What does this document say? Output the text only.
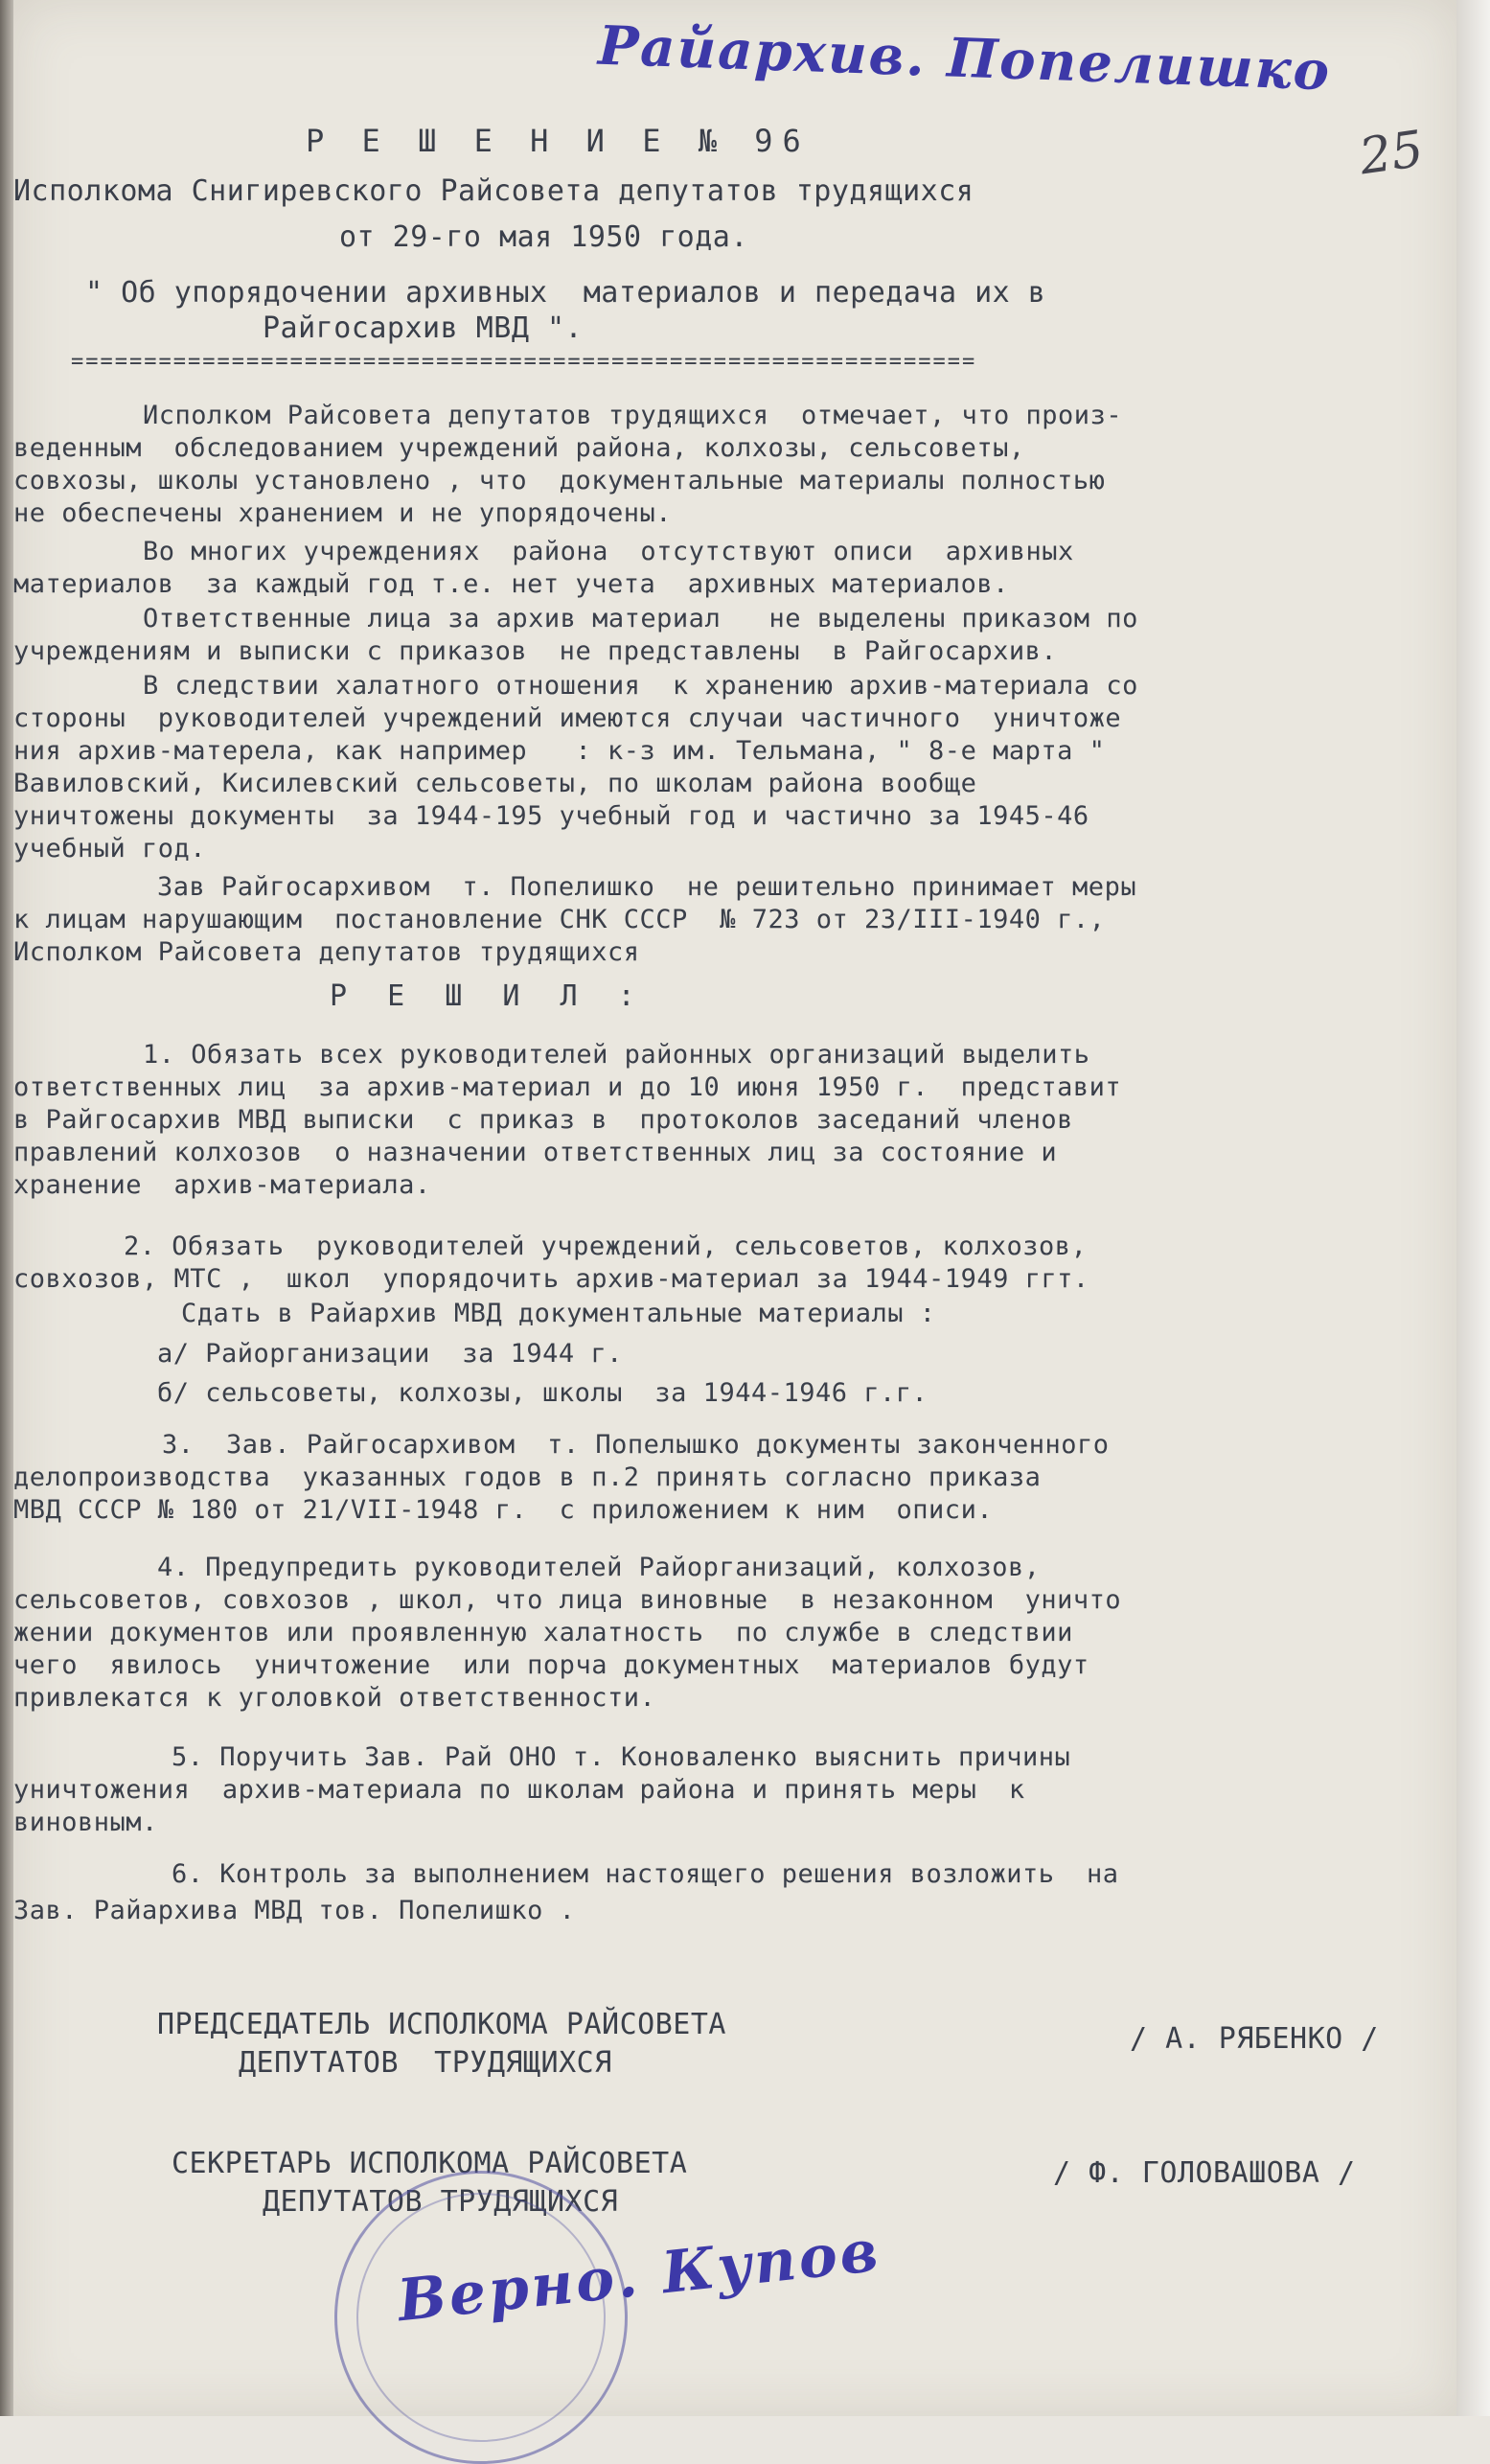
Райархив. Попелишко
25
Р Е Ш Е Н И Е № 96
Исполкома Снигиревского Райсовета депутатов трудящихся
от 29-го мая 1950 года.
" Об упорядочении архивных  материалов и передача их в
Райгосархив МВД ".
==============================================================
Исполком Райсовета депутатов трудящихся  отмечает, что произ-
веденным  обследованием учреждений района, колхозы, сельсоветы,
совхозы, школы установлено , что  документальные материалы полностью
не обеспечены хранением и не упорядочены.
Во многих учреждениях  района  отсутствуют описи  архивных
материалов  за каждый год т.е. нет учета  архивных материалов.
Ответственные лица за архив материал   не выделены приказом по
учреждениям и выписки с приказов  не представлены  в Райгосархив.
В следствии халатного отношения  к хранению архив-материала со
стороны  руководителей учреждений имеются случаи частичного  уничтоже
ния архив-матерела, как например   : к-з им. Тельмана, " 8-е марта "
Вавиловский, Кисилевский сельсоветы, по школам района вообще
уничтожены документы  за 1944-195 учебный год и частично за 1945-46
учебный год.
Зав Райгосархивом  т. Попелишко  не решительно принимает меры
к лицам нарушающим  постановление СНК СССР  № 723 от 23/III-1940 г.,
Исполком Райсовета депутатов трудящихся
Р Е Ш И Л :
1. Обязать всех руководителей районных организаций выделить
ответственных лиц  за архив-материал и до 10 июня 1950 г.  представит
в Райгосархив МВД выписки  с приказ в  протоколов заседаний членов
правлений колхозов  о назначении ответственных лиц за состояние и
хранение  архив-материала.
2. Обязать  руководителей учреждений, сельсоветов, колхозов,
совхозов, МТС ,  школ  упорядочить архив-материал за 1944-1949 ггт.
Сдать в Райархив МВД документальные материалы :
а/ Райорганизации  за 1944 г.
б/ сельсоветы, колхозы, школы  за 1944-1946 г.г.
3.  Зав. Райгосархивом  т. Попелышко документы законченного
делопроизводства  указанных годов в п.2 принять согласно приказа
МВД СССР № 180 от 21/VII-1948 г.  с приложением к ним  описи.
4. Предупредить руководителей Райорганизаций, колхозов,
сельсоветов, совхозов , школ, что лица виновные  в незаконном  уничто
жении документов или проявленную халатность  по службе в следствии
чего  явилось  уничтожение  или порча документных  материалов будут
привлекатся к уголовкой ответственности.
5. Поручить Зав. Рай ОНО т. Коноваленко выяснить причины
уничтожения  архив-материала по школам района и принять меры  к
виновным.
6. Контроль за выполнением настоящего решения возложить  на
Зав. Райархива МВД тов. Попелишко .
ПРЕДСЕДАТЕЛЬ ИСПОЛКОМА РАЙСОВЕТА
ДЕПУТАТОВ  ТРУДЯЩИХСЯ
/ А. РЯБЕНКО /
СЕКРЕТАРЬ ИСПОЛКОМА РАЙСОВЕТА
ДЕПУТАТОВ ТРУДЯЩИХСЯ
/ Ф. ГОЛОВАШОВА /
Верно. Купов
